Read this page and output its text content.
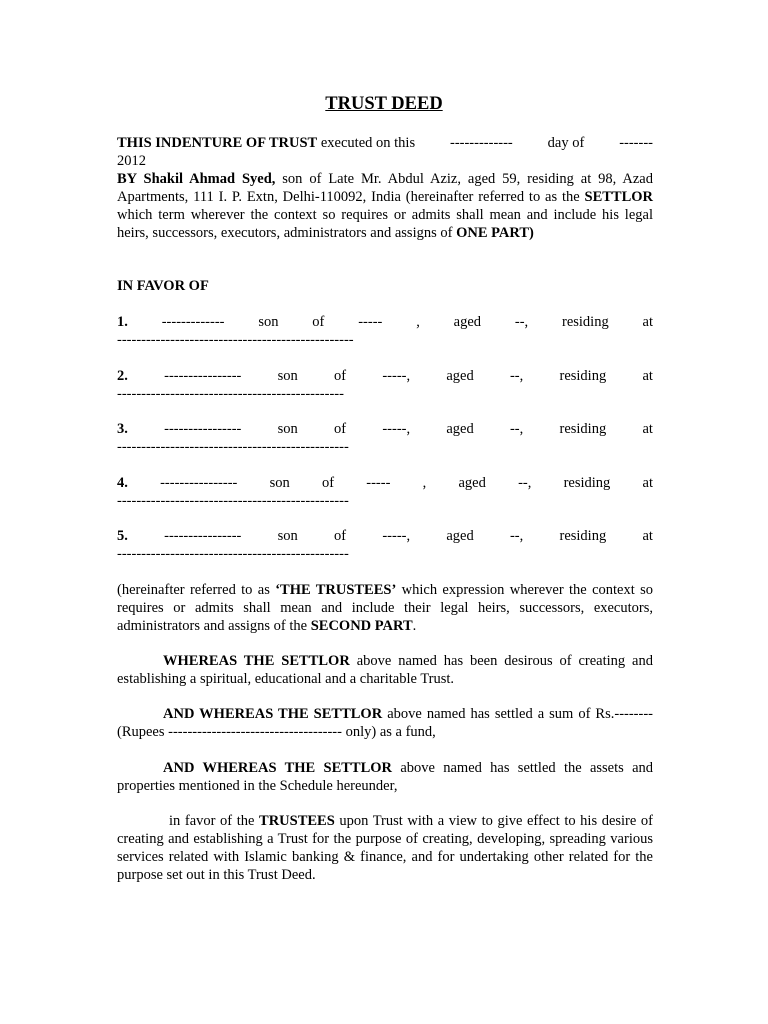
TRUST DEED
THIS INDENTURE OF TRUST executed on this ------------- day of -------
2012
BY Shakil Ahmad Syed, son of Late Mr. Abdul Aziz, aged 59, residing at 98, Azad Apartments, 111 I. P. Extn, Delhi-110092, India (hereinafter referred to as the SETTLOR which term wherever the context so requires or admits shall mean and include his legal heirs, successors, executors, administrators and assigns of ONE PART)
IN FAVOR OF
1. ------------- son of ----- , aged --, residing at
-------------------------------------------------
2. ---------------- son of -----, aged --, residing at
-----------------------------------------------
3. ---------------- son of -----, aged --, residing at
------------------------------------------------
4. ---------------- son of ----- , aged --, residing at
------------------------------------------------
5. ---------------- son of -----, aged --, residing at
------------------------------------------------
(hereinafter referred to as ‘THE TRUSTEES’ which expression wherever the context so requires or admits shall mean and include their legal heirs, successors, executors, administrators and assigns of the SECOND PART.
WHEREAS THE SETTLOR above named has been desirous of creating and establishing a spiritual, educational and a charitable Trust.
AND WHEREAS THE SETTLOR above named has settled a sum of Rs.-------- (Rupees ------------------------------------ only) as a fund,
AND WHEREAS THE SETTLOR above named has settled the assets and properties mentioned in the Schedule hereunder,
in favor of the TRUSTEES upon Trust with a view to give effect to his desire of creating and establishing a Trust for the purpose of creating, developing, spreading various services related with Islamic banking & finance, and for undertaking other related for the purpose set out in this Trust Deed.
